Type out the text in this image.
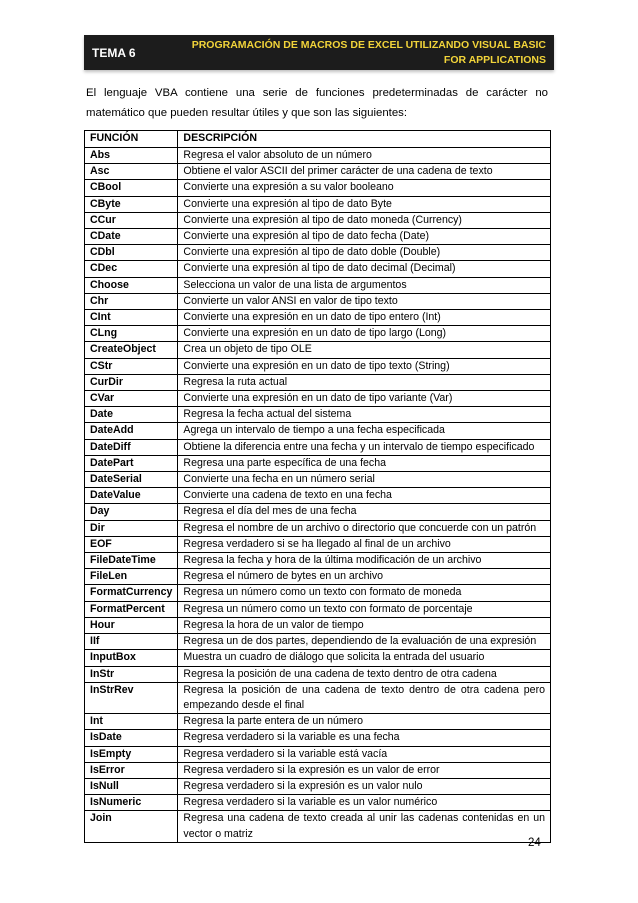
TEMA 6
PROGRAMACIÓN DE MACROS DE EXCEL UTILIZANDO VISUAL BASIC FOR APPLICATIONS

El lenguaje VBA contiene una serie de funciones predeterminadas de carácter no matemático que pueden resultar útiles y que son las siguientes:

FUNCIÓN	DESCRIPCIÓN
Abs	Regresa el valor absoluto de un número
Asc	Obtiene el valor ASCII del primer carácter de una cadena de texto
CBool	Convierte una expresión a su valor booleano
CByte	Convierte una expresión al tipo de dato Byte
CCur	Convierte una expresión al tipo de dato moneda (Currency)
CDate	Convierte una expresión al tipo de dato fecha (Date)
CDbl	Convierte una expresión al tipo de dato doble (Double)
CDec	Convierte una expresión al tipo de dato decimal (Decimal)
Choose	Selecciona un valor de una lista de argumentos
Chr	Convierte un valor ANSI en valor de tipo texto
CInt	Convierte una expresión en un dato de tipo entero (Int)
CLng	Convierte una expresión en un dato de tipo largo (Long)
CreateObject	Crea un objeto de tipo OLE
CStr	Convierte una expresión en un dato de tipo texto (String)
CurDir	Regresa la ruta actual
CVar	Convierte una expresión en un dato de tipo variante (Var)
Date	Regresa la fecha actual del sistema
DateAdd	Agrega un intervalo de tiempo a una fecha especificada
DateDiff	Obtiene la diferencia entre una fecha y un intervalo de tiempo especificado
DatePart	Regresa una parte específica de una fecha
DateSerial	Convierte una fecha en un número serial
DateValue	Convierte una cadena de texto en una fecha
Day	Regresa el día del mes de una fecha
Dir	Regresa el nombre de un archivo o directorio que concuerde con un patrón
EOF	Regresa verdadero si se ha llegado al final de un archivo
FileDateTime	Regresa la fecha y hora de la última modificación de un archivo
FileLen	Regresa el número de bytes en un archivo
FormatCurrency	Regresa un número como un texto con formato de moneda
FormatPercent	Regresa un número como un texto con formato de porcentaje
Hour	Regresa la hora de un valor de tiempo
IIf	Regresa un de dos partes, dependiendo de la evaluación de una expresión
InputBox	Muestra un cuadro de diálogo que solicita la entrada del usuario
InStr	Regresa la posición de una cadena de texto dentro de otra cadena
InStrRev	Regresa la posición de una cadena de texto dentro de otra cadena pero empezando desde el final
Int	Regresa la parte entera de un número
IsDate	Regresa verdadero si la variable es una fecha
IsEmpty	Regresa verdadero si la variable está vacía
IsError	Regresa verdadero si la expresión es un valor de error
IsNull	Regresa verdadero si la expresión es un valor nulo
IsNumeric	Regresa verdadero si la variable es un valor numérico
Join	Regresa una cadena de texto creada al unir las cadenas contenidas en un vector o matriz
24
